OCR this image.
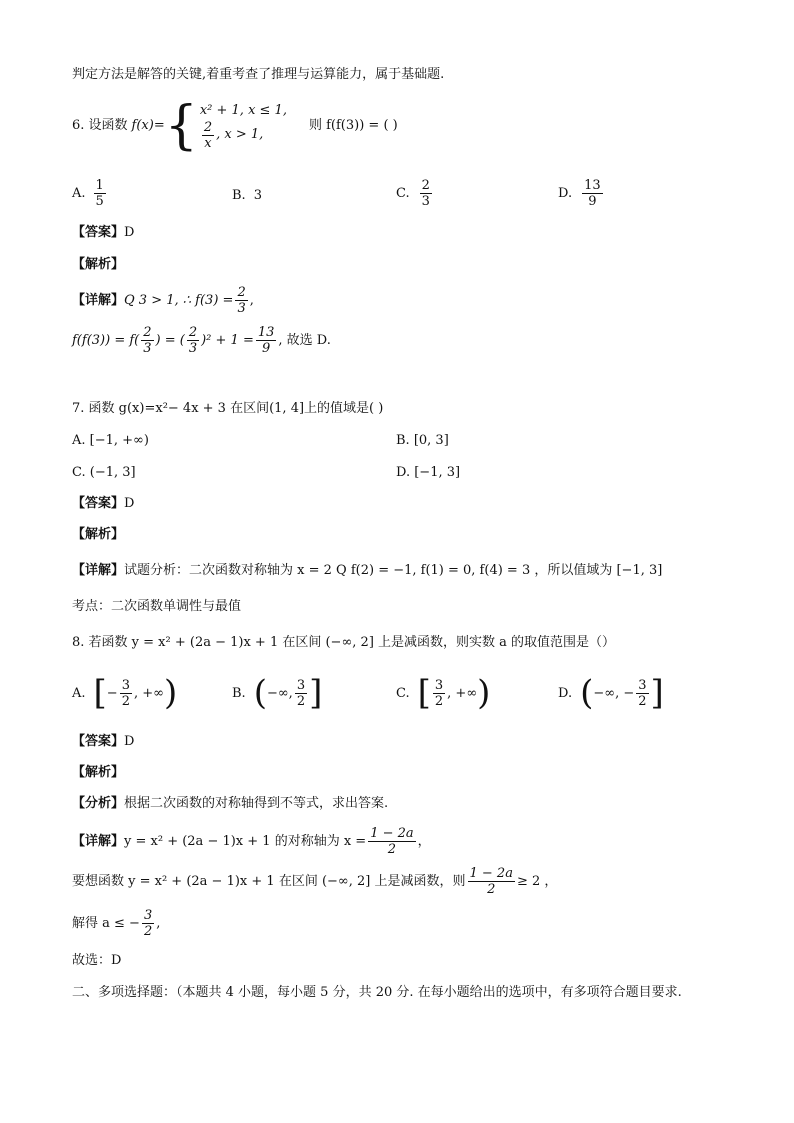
判定方法是解答的关键,着重考查了推理与运算能力，属于基础题.
6. 设函数 f(x)= { x² + 1, x ≤ 1,
$\frac{2}{x}$ , x > 1,
则 f(f(3)) = ( )
A. $\frac{1}{5}$	B. 3	C. $\frac{2}{3}$	D. $\frac{13}{9}$
【答案】D
【解析】
【详解】 Q 3 > 1, ∴ $f(3) = \frac{2}{3}$ ,
$f(f(3)) = f( \frac{2}{3}$ ) = ( $\frac{2}{3} )^2 + 1 = \frac{13}{9}$ , 故选 D.
7. 函数 g(x)=x²− 4x + 3 在区间(1, 4]上的值域是( )
A. [−1, +∞)	B. [0, 3]
C. (−1, 3]	D. [−1, 3]
【答案】D
【解析】
【详解】试题分析：二次函数对称轴为 x = 2 Q f(2) = −1, f(1) = 0, f(4) = 3 ，所以值域为 [−1, 3]
考点：二次函数单调性与最值
8. 若函数 y = x² + (2a − 1)x + 1 在区间 (−∞, 2] 上是减函数，则实数 a 的取值范围是（）
A. [ − $\frac{3}{2}$ , +∞ )	B. ( −∞, $\frac{3}{2}$ ]	C. [ $\frac{3}{2}$ , +∞ )	D. ( −∞, − $\frac{3}{2}$ ]
【答案】D
【解析】
【分析】根据二次函数的对称轴得到不等式，求出答案.
【详解】 y = x² + (2a − 1)x + 1 的对称轴为 $x = \frac{1 - 2a}{2}$ ，
要想函数 y = x² + (2a − 1)x + 1 在区间 (−∞, 2] 上是减函数，则 $\frac{1 - 2a}{2} \ge 2$ ，
解得 a ≤ − $\frac{3}{2}$ ,
故选：D
二、多项选择题：（本题共 4 小题，每小题 5 分，共 20 分. 在每小题给出的选项中，有多项符合题目要求.
